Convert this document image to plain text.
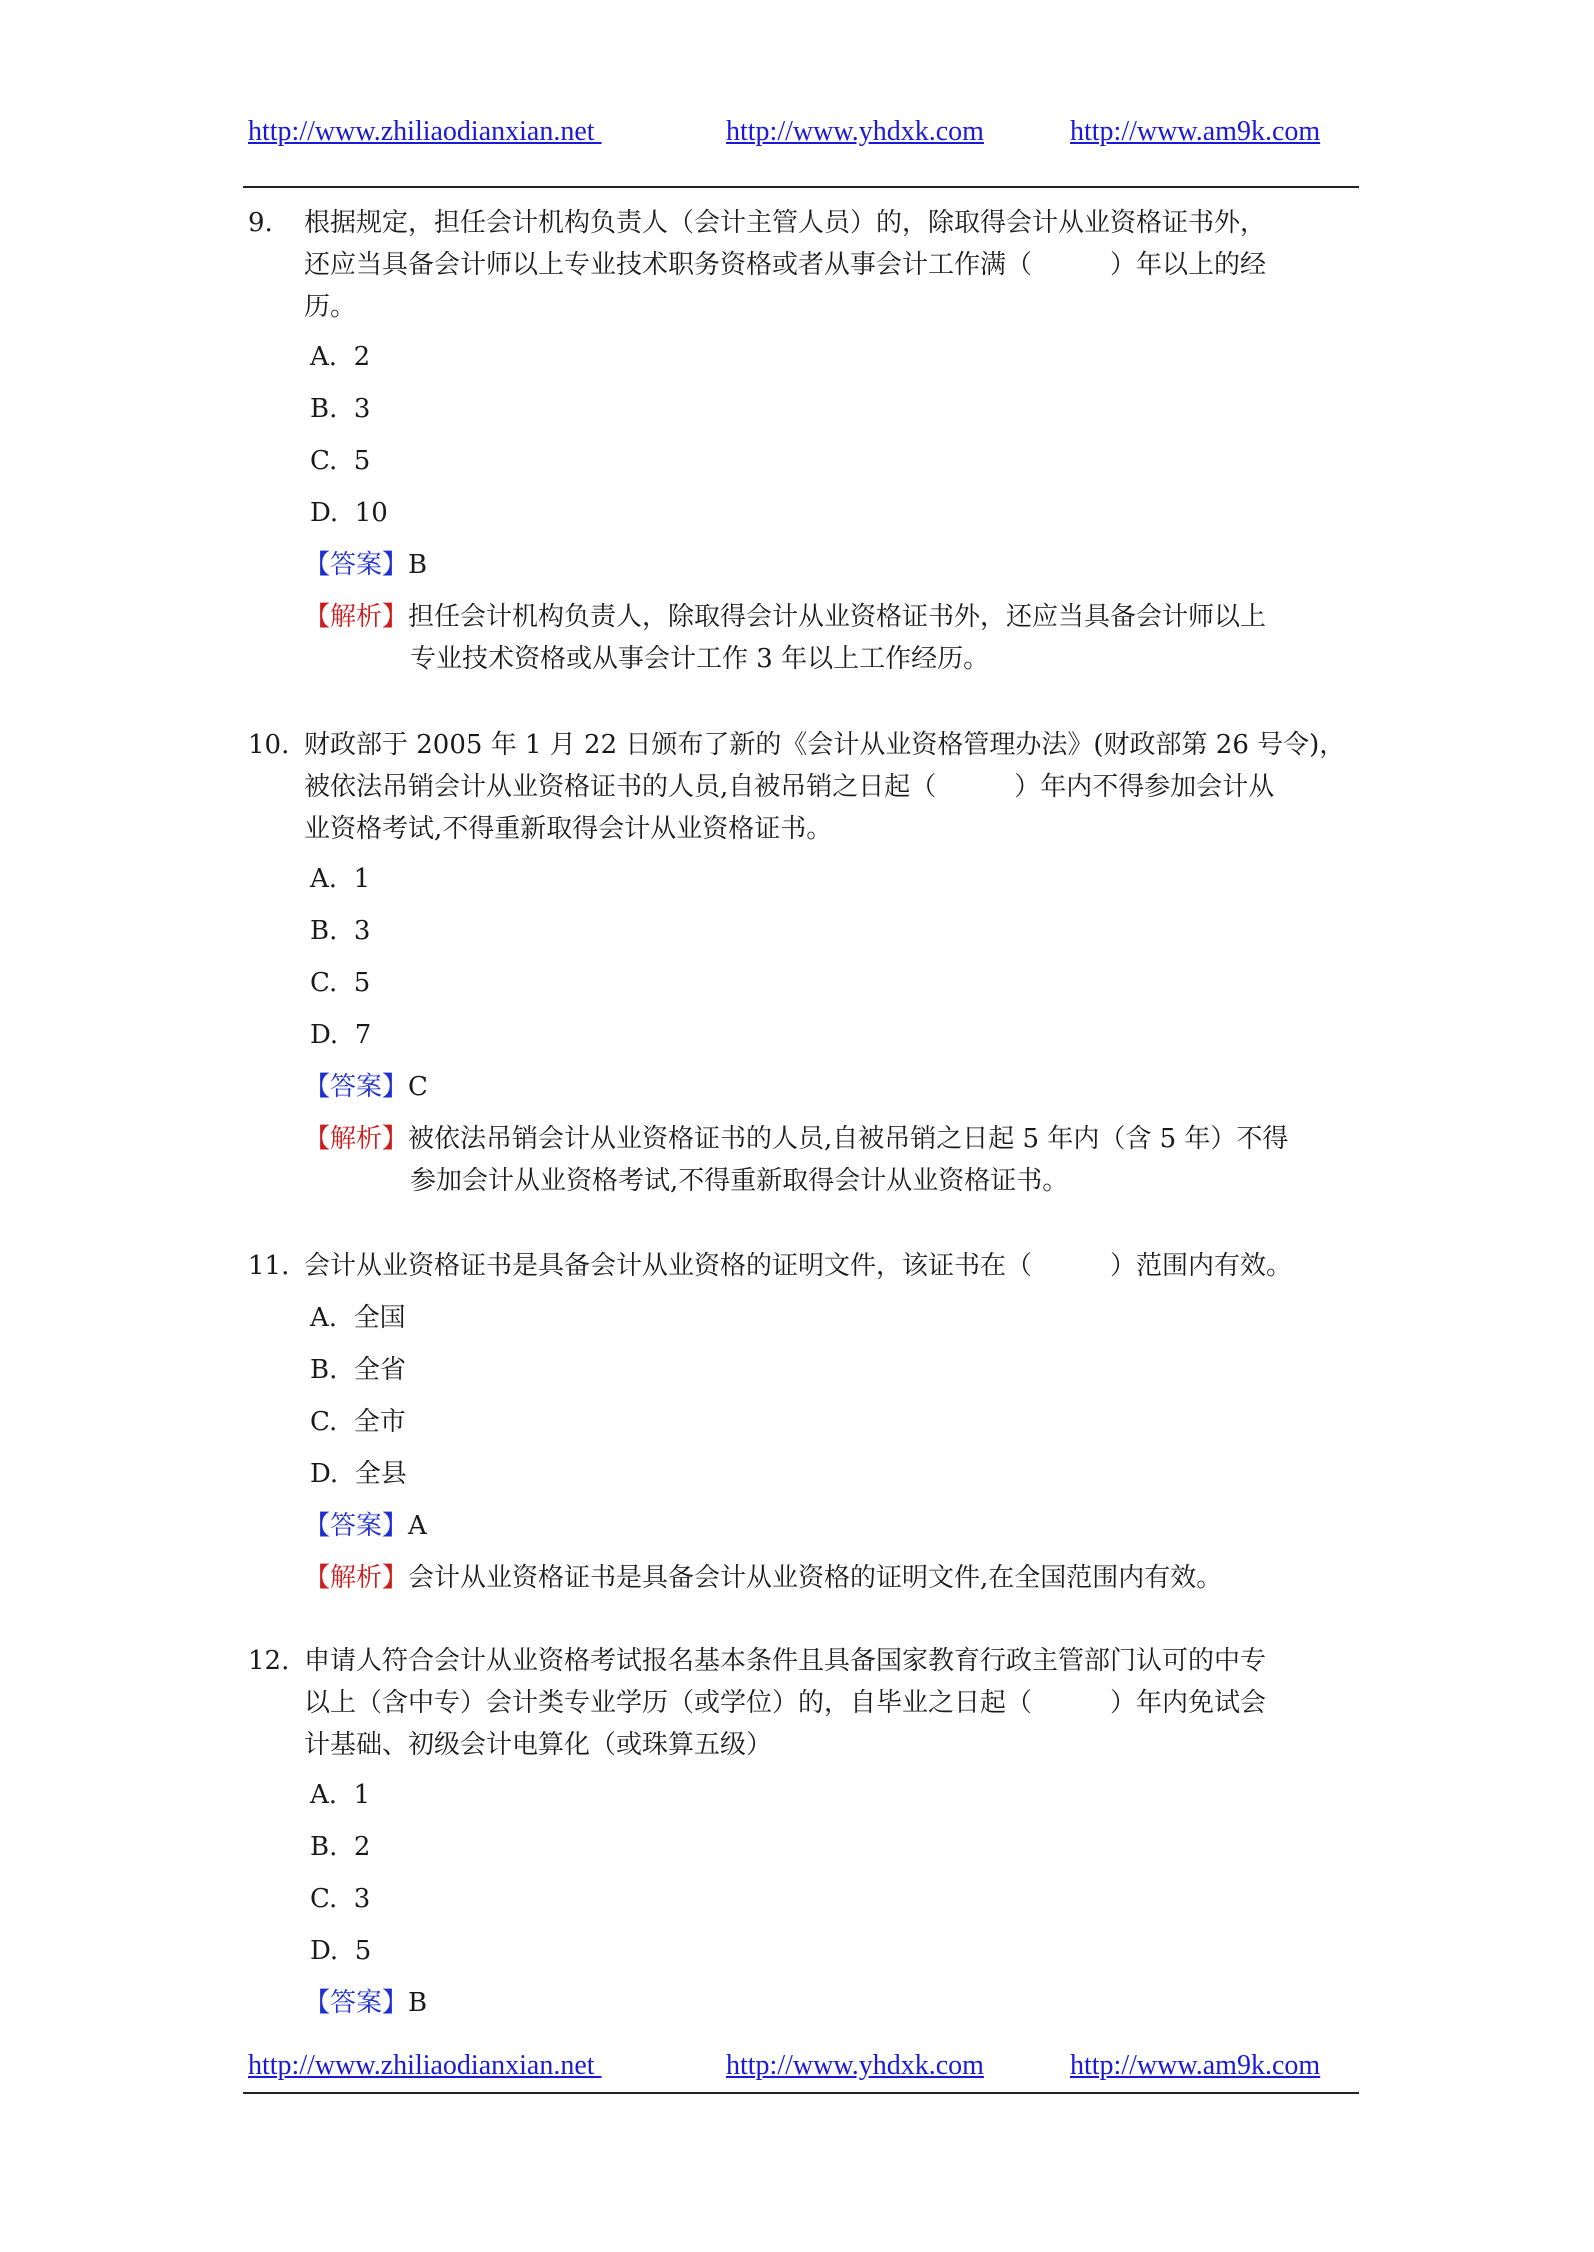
http://www.zhiliaodianxian.net	http://www.yhdxk.com	http://www.am9k.com
9. 根据规定，担任会计机构负责人（会计主管人员）的，除取得会计从业资格证书外，
还应当具备会计师以上专业技术职务资格或者从事会计工作满（　　　）年以上的经
历。
A.  2
B.  3
C.  5
D.  10
【答案】B
【解析】担任会计机构负责人，除取得会计从业资格证书外，还应当具备会计师以上
专业技术资格或从事会计工作 3 年以上工作经历。
10. 财政部于 2005 年 1 月 22 日颁布了新的《会计从业资格管理办法》(财政部第 26 号令)，
被依法吊销会计从业资格证书的人员,自被吊销之日起（　　　）年内不得参加会计从
业资格考试,不得重新取得会计从业资格证书。
A.  1
B.  3
C.  5
D.  7
【答案】C
【解析】被依法吊销会计从业资格证书的人员,自被吊销之日起 5 年内（含 5 年）不得
参加会计从业资格考试,不得重新取得会计从业资格证书。
11. 会计从业资格证书是具备会计从业资格的证明文件，该证书在（　　　）范围内有效。
A.  全国
B.  全省
C.  全市
D.  全县
【答案】A
【解析】会计从业资格证书是具备会计从业资格的证明文件,在全国范围内有效。
12. 申请人符合会计从业资格考试报名基本条件且具备国家教育行政主管部门认可的中专
以上（含中专）会计类专业学历（或学位）的，自毕业之日起（　　　）年内免试会
计基础、初级会计电算化（或珠算五级）
A.  1
B.  2
C.  3
D.  5
【答案】B
http://www.zhiliaodianxian.net	http://www.yhdxk.com	http://www.am9k.com
